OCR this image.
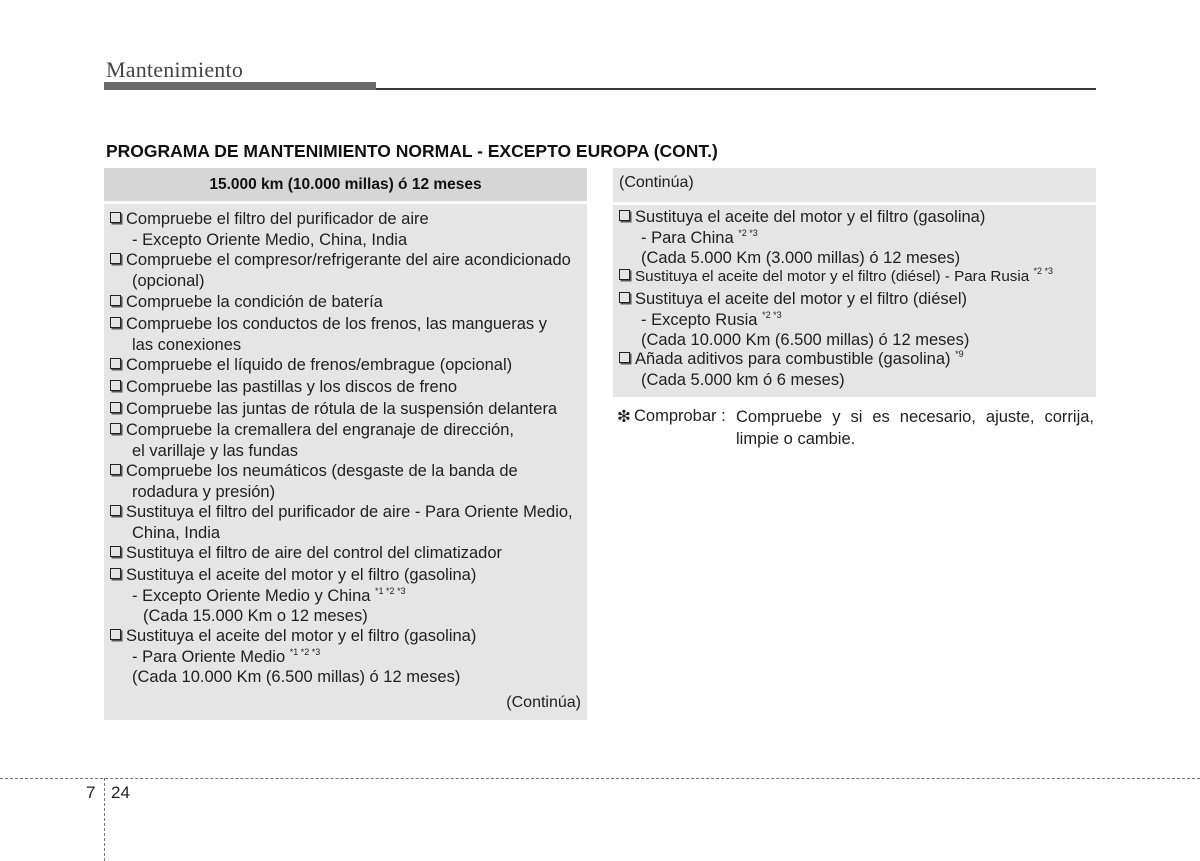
Mantenimiento
PROGRAMA DE MANTENIMIENTO NORMAL - EXCEPTO EUROPA (CONT.)
15.000 km (10.000 millas) ó 12 meses
Compruebe el filtro del purificador de aire
- Excepto Oriente Medio, China, India
Compruebe el compresor/refrigerante del aire acondicionado
(opcional)
Compruebe la condición de batería
Compruebe los conductos de los frenos, las mangueras y
las conexiones
Compruebe el líquido de frenos/embrague (opcional)
Compruebe las pastillas y los discos de freno
Compruebe las juntas de rótula de la suspensión delantera
Compruebe la cremallera del engranaje de dirección,
el varillaje y las fundas
Compruebe los neumáticos (desgaste de la banda de
rodadura y presión)
Sustituya el filtro del purificador de aire - Para Oriente Medio,
China, India
Sustituya el filtro de aire del control del climatizador
Sustituya el aceite del motor y el filtro (gasolina)
- Excepto Oriente Medio y China $^{*1 *2 *3}$
(Cada 15.000 Km o 12 meses)
Sustituya el aceite del motor y el filtro (gasolina)
- Para Oriente Medio $^{*1 *2 *3}$
(Cada 10.000 Km (6.500 millas) ó 12 meses)
(Continúa)
(Continúa)
Sustituya el aceite del motor y el filtro (gasolina)
- Para China $^{*2 *3}$
(Cada 5.000 Km (3.000 millas) ó 12 meses)
Sustituya el aceite del motor y el filtro (diésel) - Para Rusia $^{*2 *3}$
Sustituya el aceite del motor y el filtro (diésel)
- Excepto Rusia $^{*2 *3}$
(Cada 10.000 Km (6.500 millas) ó 12 meses)
Añada aditivos para combustible (gasolina) $^{*9}$
(Cada 5.000 km ó 6 meses)
❇ Comprobar : Compruebe y si es necesario, ajuste, corrija, limpie o cambie.
7 24
